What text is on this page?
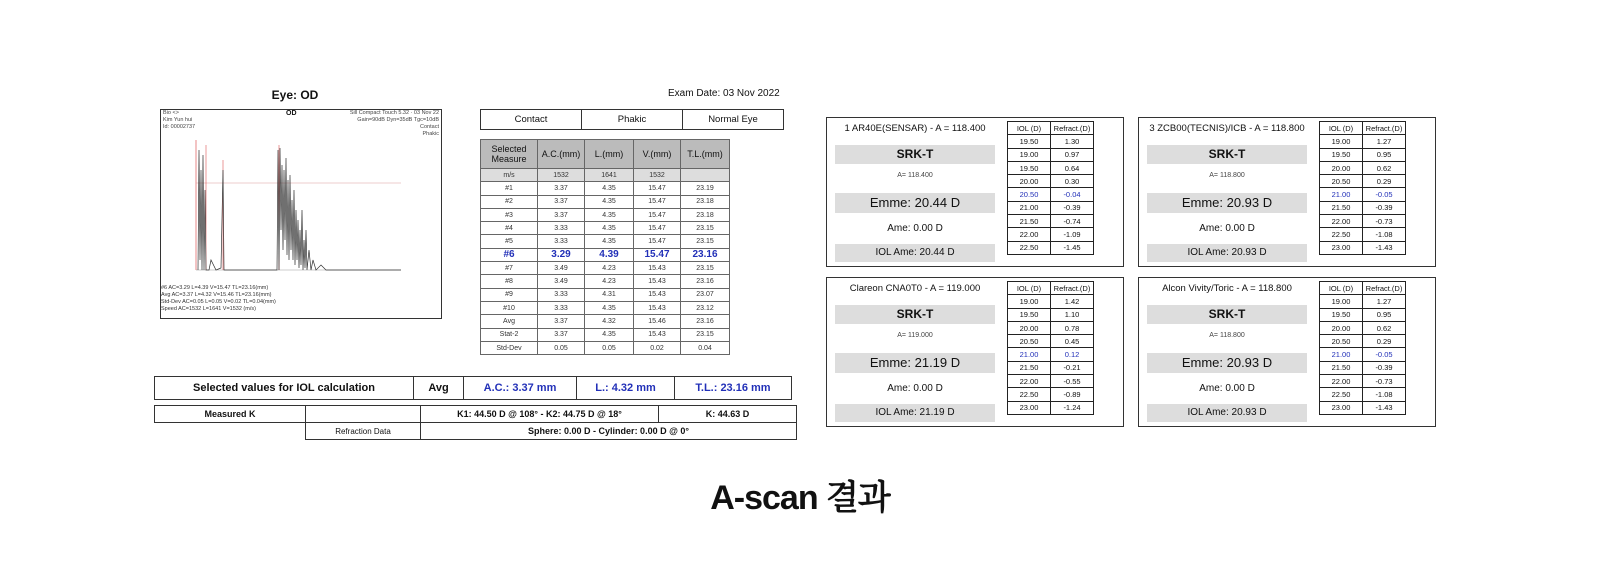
Eye: OD	Exam Date: 03 Nov 2022
Bio <>
Kim Yun hui
Id: 00002737
OD	Sill Compact Touch 5.32 · 03 Nov 22
Gain=90dB Dyn=35dB Tgc=10dB
Contact
Phakic
#6 AC=3.29 L=4.39 V=15.47 TL=23.16(mm)
Avg AC=3.37 L=4.32 V=15.46 TL=23.16(mm)
Std-Dev AC=0.05 L=0.05 V=0.02 TL=0.04(mm)
Speed AC=1532 L=1641 V=1532 (m/s)
Contact	Phakic	Normal Eye
Selected Measure	A.C.(mm)	L.(mm)	V.(mm)	T.L.(mm)
m/s	1532	1641	1532	
#1	3.37	4.35	15.47	23.19
#2	3.37	4.35	15.47	23.18
#3	3.37	4.35	15.47	23.18
#4	3.33	4.35	15.47	23.15
#5	3.33	4.35	15.47	23.15
#6	3.29	4.39	15.47	23.16
#7	3.49	4.23	15.43	23.15
#8	3.49	4.23	15.43	23.16
#9	3.33	4.31	15.43	23.07
#10	3.33	4.35	15.43	23.12
Avg	3.37	4.32	15.46	23.16
Stat-2	3.37	4.35	15.43	23.15
Std-Dev	0.05	0.05	0.02	0.04
Selected values for IOL calculation	Avg	A.C.: 3.37 mm	L.: 4.32 mm	T.L.: 23.16 mm
Measured K		K1: 44.50 D @ 108° - K2: 44.75 D @ 18°	K: 44.63 D
	Refraction Data	Sphere: 0.00 D - Cylinder: 0.00 D @ 0°	
1 AR40E(SENSAR) - A = 118.400
SRK-T
A= 118.400
Emme: 20.44 D
Ame: 0.00 D
IOL Ame: 20.44 D
IOL (D)	Refract.(D)
19.50	1.30
19.00	0.97
19.50	0.64
20.00	0.30
20.50	-0.04
21.00	-0.39
21.50	-0.74
22.00	-1.09
22.50	-1.45
3 ZCB00(TECNIS)/ICB - A = 118.800
SRK-T
A= 118.800
Emme: 20.93 D
Ame: 0.00 D
IOL Ame: 20.93 D
IOL (D)	Refract.(D)
19.00	1.27
19.50	0.95
20.00	0.62
20.50	0.29
21.00	-0.05
21.50	-0.39
22.00	-0.73
22.50	-1.08
23.00	-1.43
Clareon CNA0T0 - A = 119.000
SRK-T
A= 119.000
Emme: 21.19 D
Ame: 0.00 D
IOL Ame: 21.19 D
IOL (D)	Refract.(D)
19.00	1.42
19.50	1.10
20.00	0.78
20.50	0.45
21.00	0.12
21.50	-0.21
22.00	-0.55
22.50	-0.89
23.00	-1.24
Alcon Vivity/Toric - A = 118.800
SRK-T
A= 118.800
Emme: 20.93 D
Ame: 0.00 D
IOL Ame: 20.93 D
IOL (D)	Refract.(D)
19.00	1.27
19.50	0.95
20.00	0.62
20.50	0.29
21.00	-0.05
21.50	-0.39
22.00	-0.73
22.50	-1.08
23.00	-1.43
A-scan 결과
